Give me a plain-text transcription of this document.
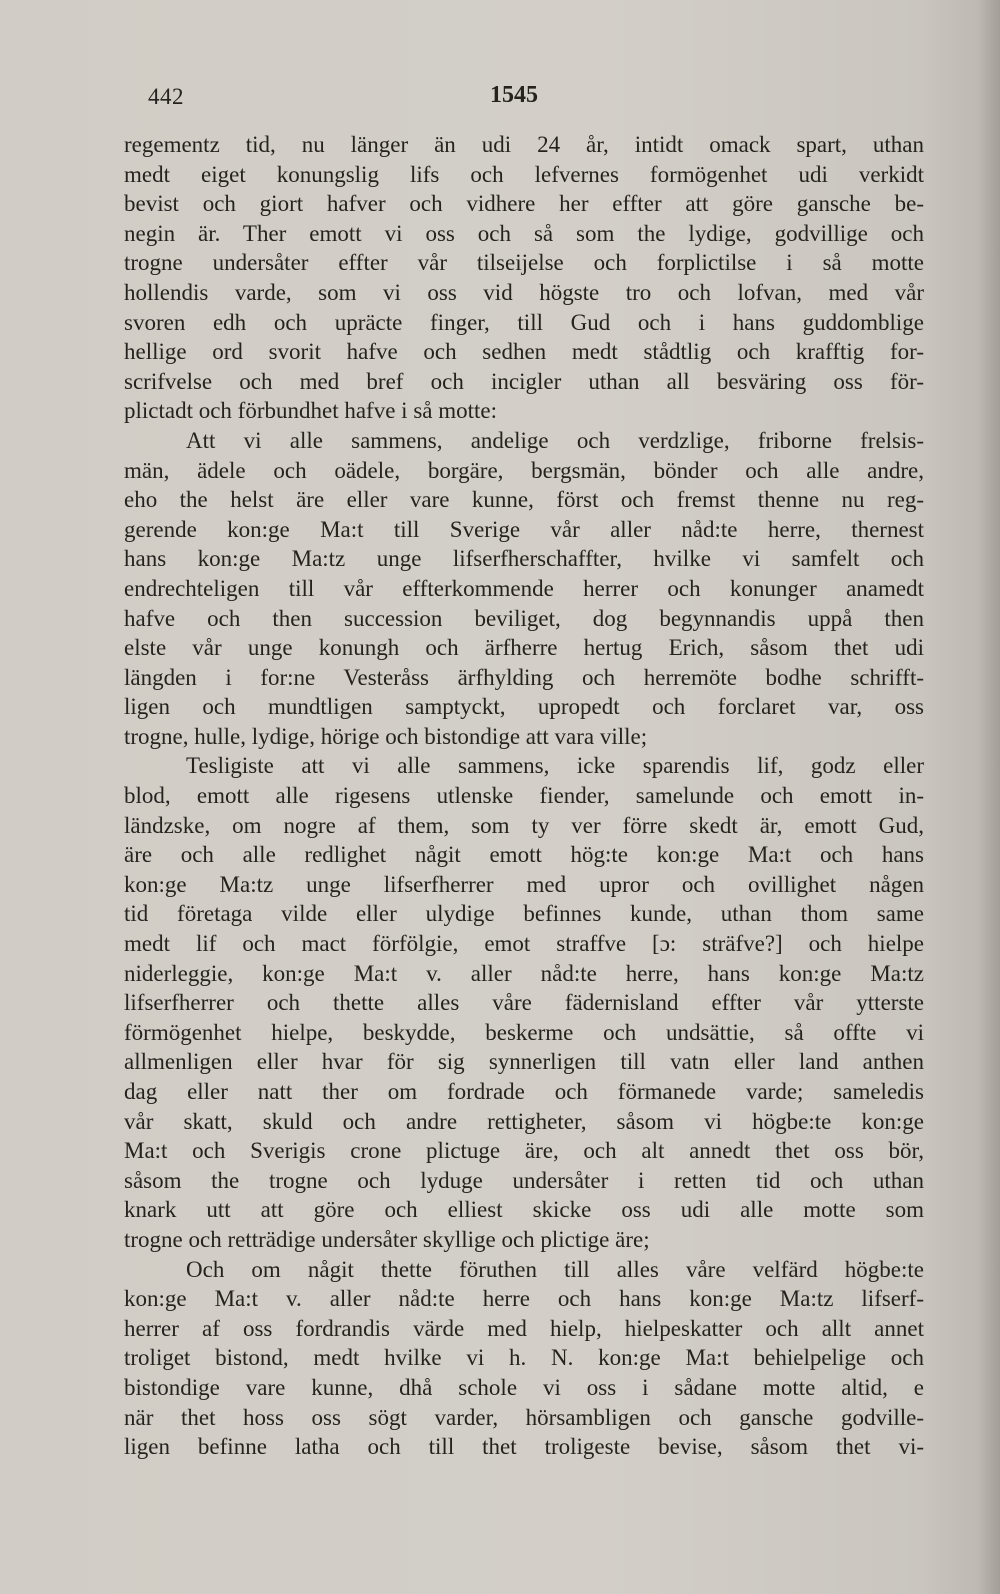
442	1545
regementz tid, nu länger än udi 24 år, intidt omack spart, uthan
medt eiget konungslig lifs och lefvernes formögenhet udi verkidt
bevist och giort hafver och vidhere her effter att göre gansche be-
negin är. Ther emott vi oss och så som the lydige, godvillige och
trogne undersåter effter vår tilseijelse och forplictilse i så motte
hollendis varde, som vi oss vid högste tro och lofvan, med vår
svoren edh och upräcte finger, till Gud och i hans guddomblige
hellige ord svorit hafve och sedhen medt stådtlig och krafftig for-
scrifvelse och med bref och incigler uthan all besväring oss för-
plictadt och förbundhet hafve i så motte:
Att vi alle sammens, andelige och verdzlige, friborne frelsis-
män, ädele och oädele, borgäre, bergsmän, bönder och alle andre,
eho the helst äre eller vare kunne, först och fremst thenne nu reg-
gerende kon:ge Ma:t till Sverige vår aller nåd:te herre, thernest
hans kon:ge Ma:tz unge lifserfherschaffter, hvilke vi samfelt och
endrechteligen till vår effterkommende herrer och konunger anamedt
hafve och then succession beviliget, dog begynnandis uppå then
elste vår unge konungh och ärfherre hertug Erich, såsom thet udi
längden i for:ne Vesteråss ärfhylding och herremöte bodhe schrifft-
ligen och mundtligen samptyckt, upropedt och forclaret var, oss
trogne, hulle, lydige, hörige och bistondige att vara ville;
Tesligiste att vi alle sammens, icke sparendis lif, godz eller
blod, emott alle rigesens utlenske fiender, samelunde och emott in-
ländzske, om nogre af them, som ty ver förre skedt är, emott Gud,
äre och alle redlighet någit emott hög:te kon:ge Ma:t och hans
kon:ge Ma:tz unge lifserfherrer med upror och ovillighet någen
tid företaga vilde eller ulydige befinnes kunde, uthan thom same
medt lif och mact förfölgie, emot straffve [ɔ: sträfve?] och hielpe
niderleggie, kon:ge Ma:t v. aller nåd:te herre, hans kon:ge Ma:tz
lifserfherrer och thette alles våre fädernisland effter vår ytterste
förmögenhet hielpe, beskydde, beskerme och undsättie, så offte vi
allmenligen eller hvar för sig synnerligen till vatn eller land anthen
dag eller natt ther om fordrade och förmanede varde; sameledis
vår skatt, skuld och andre rettigheter, såsom vi högbe:te kon:ge
Ma:t och Sverigis crone plictuge äre, och alt annedt thet oss bör,
såsom the trogne och lyduge undersåter i retten tid och uthan
knark utt att göre och elliest skicke oss udi alle motte som
trogne och retträdige undersåter skyllige och plictige äre;
Och om någit thette föruthen till alles våre velfärd högbe:te
kon:ge Ma:t v. aller nåd:te herre och hans kon:ge Ma:tz lifserf-
herrer af oss fordrandis värde med hielp, hielpeskatter och allt annet
troliget bistond, medt hvilke vi h. N. kon:ge Ma:t behielpelige och
bistondige vare kunne, dhå schole vi oss i sådane motte altid, e
när thet hoss oss sögt varder, hörsambligen och gansche godville-
ligen befinne latha och till thet troligeste bevise, såsom thet vi-
